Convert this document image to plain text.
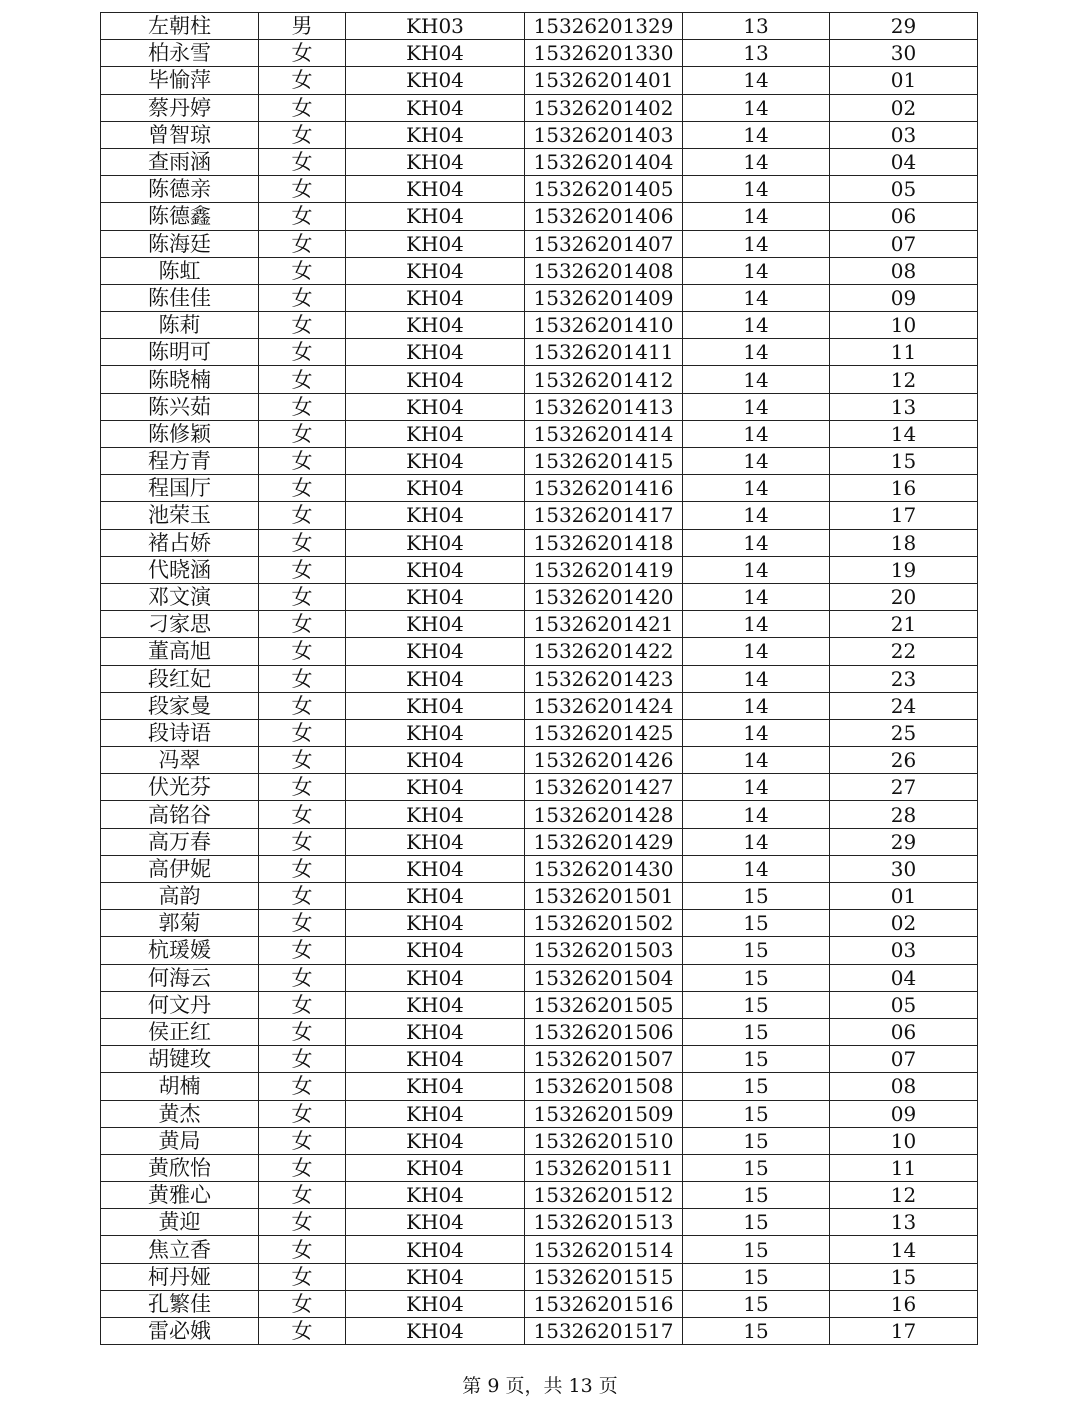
左朝柱	男	KH03	15326201329	13	29
柏永雪	女	KH04	15326201330	13	30
毕愉萍	女	KH04	15326201401	14	01
蔡丹婷	女	KH04	15326201402	14	02
曾智琼	女	KH04	15326201403	14	03
查雨涵	女	KH04	15326201404	14	04
陈德亲	女	KH04	15326201405	14	05
陈德鑫	女	KH04	15326201406	14	06
陈海廷	女	KH04	15326201407	14	07
陈虹	女	KH04	15326201408	14	08
陈佳佳	女	KH04	15326201409	14	09
陈莉	女	KH04	15326201410	14	10
陈明可	女	KH04	15326201411	14	11
陈晓楠	女	KH04	15326201412	14	12
陈兴茹	女	KH04	15326201413	14	13
陈修颖	女	KH04	15326201414	14	14
程方青	女	KH04	15326201415	14	15
程国厅	女	KH04	15326201416	14	16
池荣玉	女	KH04	15326201417	14	17
褚占娇	女	KH04	15326201418	14	18
代晓涵	女	KH04	15326201419	14	19
邓文演	女	KH04	15326201420	14	20
刁家思	女	KH04	15326201421	14	21
董高旭	女	KH04	15326201422	14	22
段红妃	女	KH04	15326201423	14	23
段家曼	女	KH04	15326201424	14	24
段诗语	女	KH04	15326201425	14	25
冯翠	女	KH04	15326201426	14	26
伏光芬	女	KH04	15326201427	14	27
高铭谷	女	KH04	15326201428	14	28
高万春	女	KH04	15326201429	14	29
高伊妮	女	KH04	15326201430	14	30
高韵	女	KH04	15326201501	15	01
郭菊	女	KH04	15326201502	15	02
杭瑗媛	女	KH04	15326201503	15	03
何海云	女	KH04	15326201504	15	04
何文丹	女	KH04	15326201505	15	05
侯正红	女	KH04	15326201506	15	06
胡键玫	女	KH04	15326201507	15	07
胡楠	女	KH04	15326201508	15	08
黄杰	女	KH04	15326201509	15	09
黄局	女	KH04	15326201510	15	10
黄欣怡	女	KH04	15326201511	15	11
黄雅心	女	KH04	15326201512	15	12
黄迎	女	KH04	15326201513	15	13
焦立香	女	KH04	15326201514	15	14
柯丹娅	女	KH04	15326201515	15	15
孔繁佳	女	KH04	15326201516	15	16
雷必娥	女	KH04	15326201517	15	17
第 9 页，共 13 页
